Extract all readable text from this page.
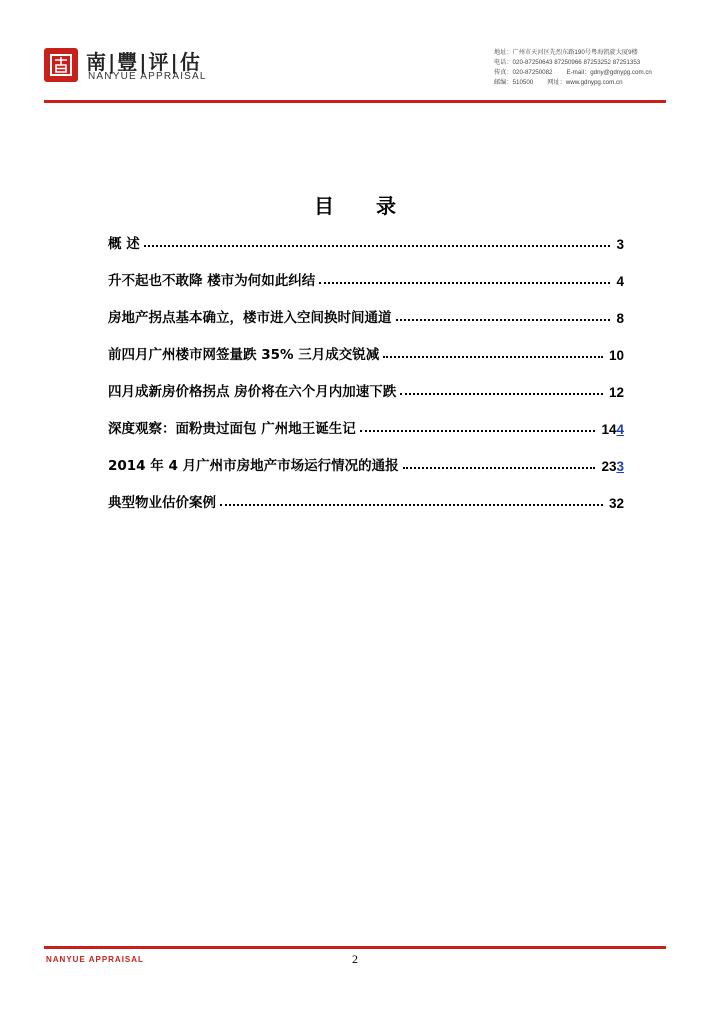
南|豐|评|估
NANYUE APPRAISAL
地址：广州市天河区先烈东路190号粤海凯旋大厦9楼
电话：020-87250643 87250966 87253252 87251353
传真：020-87250082 E-mail：gdny@gdnypg.com.cn
邮编：510500 网址：www.gdnypg.com.cn
目 录
概 述	3
升不起也不敢降 楼市为何如此纠结	4
房地产拐点基本确立，楼市进入空间换时间通道	8
前四月广州楼市网签量跌 35% 三月成交锐减	10
四月成新房价格拐点 房价将在六个月内加速下跌	12
深度观察：面粉贵过面包 广州地王诞生记	144
2014 年 4 月广州市房地产市场运行情况的通报	233
典型物业估价案例	32
NANYUE APPRAISAL	2
